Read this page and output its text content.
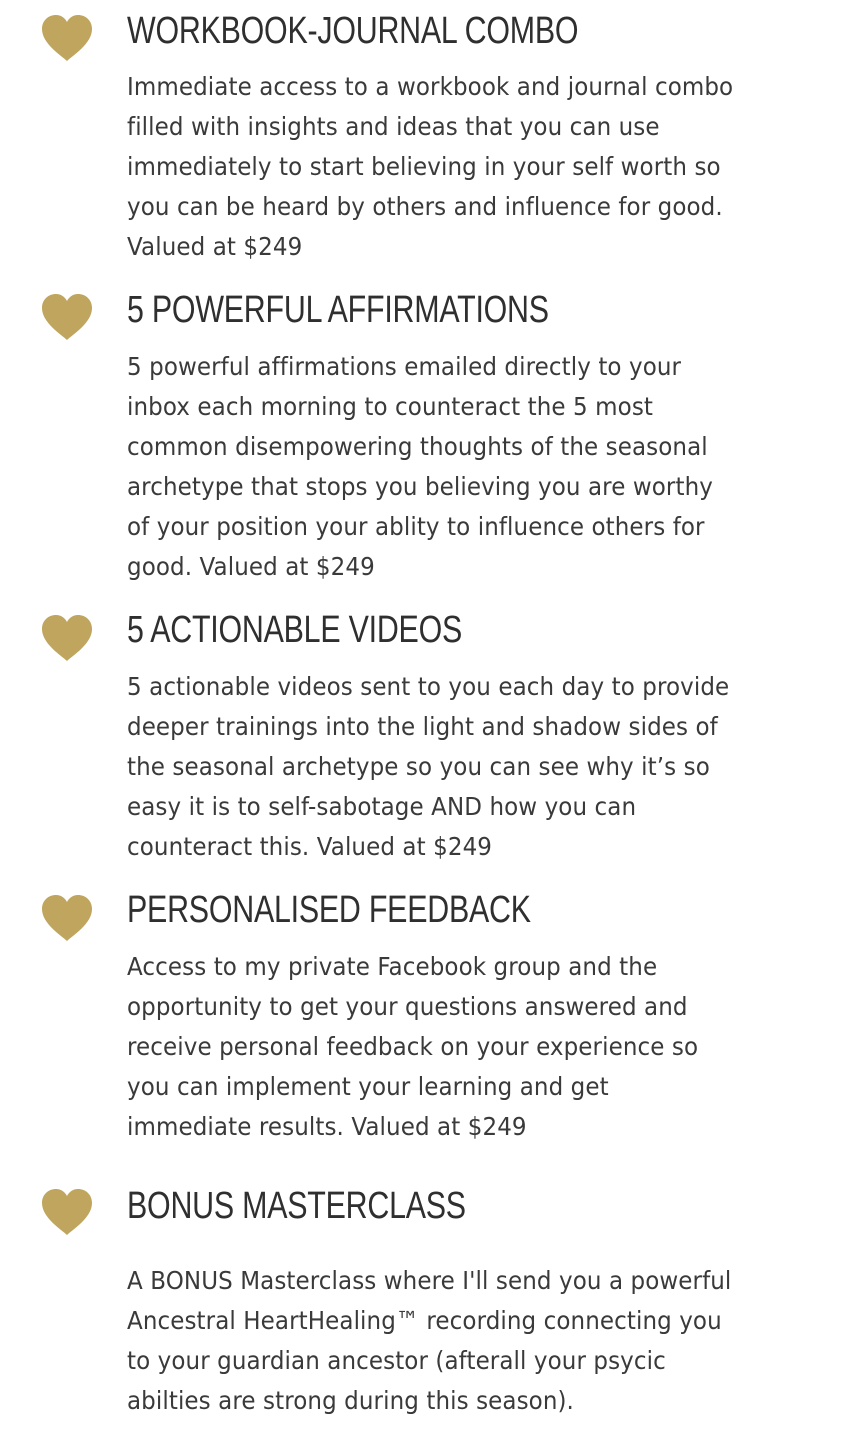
WORKBOOK-JOURNAL COMBO

Immediate access to a workbook and journal combo filled with insights and ideas that you can use immediately to start believing in your self worth so you can be heard by others and influence for good. Valued at $249

5 POWERFUL AFFIRMATIONS

5 powerful affirmations emailed directly to your inbox each morning to counteract the 5 most common disempowering thoughts of the seasonal archetype that stops you believing you are worthy of your position your ablity to influence others for good. Valued at $249

5 ACTIONABLE VIDEOS

5 actionable videos sent to you each day to provide deeper trainings into the light and shadow sides of the seasonal archetype so you can see why it’s so easy it is to self-sabotage AND how you can counteract this. Valued at $249

PERSONALISED FEEDBACK

Access to my private Facebook group and the opportunity to get your questions answered and receive personal feedback on your experience so you can implement your learning and get immediate results. Valued at $249

BONUS MASTERCLASS

A BONUS Masterclass where I'll send you a powerful Ancestral HeartHealing™ recording connecting you to your guardian ancestor (afterall your psycic abilties are strong during this season).
